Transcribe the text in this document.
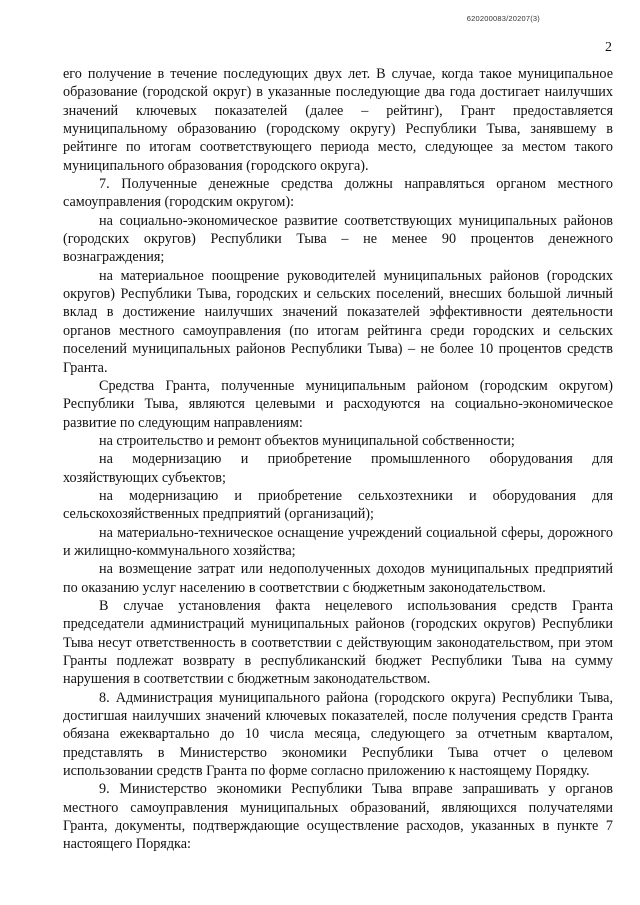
620200083/20207(3)
2

его получение в течение последующих двух лет. В случае, когда такое муниципальное образование (городской округ) в указанные последующие два года достигает наилучших значений ключевых показателей (далее – рейтинг), Грант предоставляется муниципальному образованию (городскому округу) Республики Тыва, занявшему в рейтинге по итогам соответствующего периода место, следующее за местом такого муниципального образования (городского округа).

7. Полученные денежные средства должны направляться органом местного самоуправления (городским округом):

на социально-экономическое развитие соответствующих муниципальных районов (городских округов) Республики Тыва – не менее 90 процентов денежного вознаграждения;

на материальное поощрение руководителей муниципальных районов (городских округов) Республики Тыва, городских и сельских поселений, внесших большой личный вклад в достижение наилучших значений показателей эффективности деятельности органов местного самоуправления (по итогам рейтинга среди городских и сельских поселений муниципальных районов Республики Тыва) – не более 10 процентов средств Гранта.

Средства Гранта, полученные муниципальным районом (городским округом) Республики Тыва, являются целевыми и расходуются на социально-экономическое развитие по следующим направлениям:

на строительство и ремонт объектов муниципальной собственности;

на модернизацию и приобретение промышленного оборудования для хозяйствующих субъектов;

на модернизацию и приобретение сельхозтехники и оборудования для сельскохозяйственных предприятий (организаций);

на материально-техническое оснащение учреждений социальной сферы, дорожного и жилищно-коммунального хозяйства;

на возмещение затрат или недополученных доходов муниципальных предприятий по оказанию услуг населению в соответствии с бюджетным законодательством.

В случае установления факта нецелевого использования средств Гранта председатели администраций муниципальных районов (городских округов) Республики Тыва несут ответственность в соответствии с действующим законодательством, при этом Гранты подлежат возврату в республиканский бюджет Республики Тыва на сумму нарушения в соответствии с бюджетным законодательством.

8. Администрация муниципального района (городского округа) Республики Тыва, достигшая наилучших значений ключевых показателей, после получения средств Гранта обязана ежеквартально до 10 числа месяца, следующего за отчетным кварталом, представлять в Министерство экономики Республики Тыва отчет о целевом использовании средств Гранта по форме согласно приложению к настоящему Порядку.

9. Министерство экономики Республики Тыва вправе запрашивать у органов местного самоуправления муниципальных образований, являющихся получателями Гранта, документы, подтверждающие осуществление расходов, указанных в пункте 7 настоящего Порядка:
